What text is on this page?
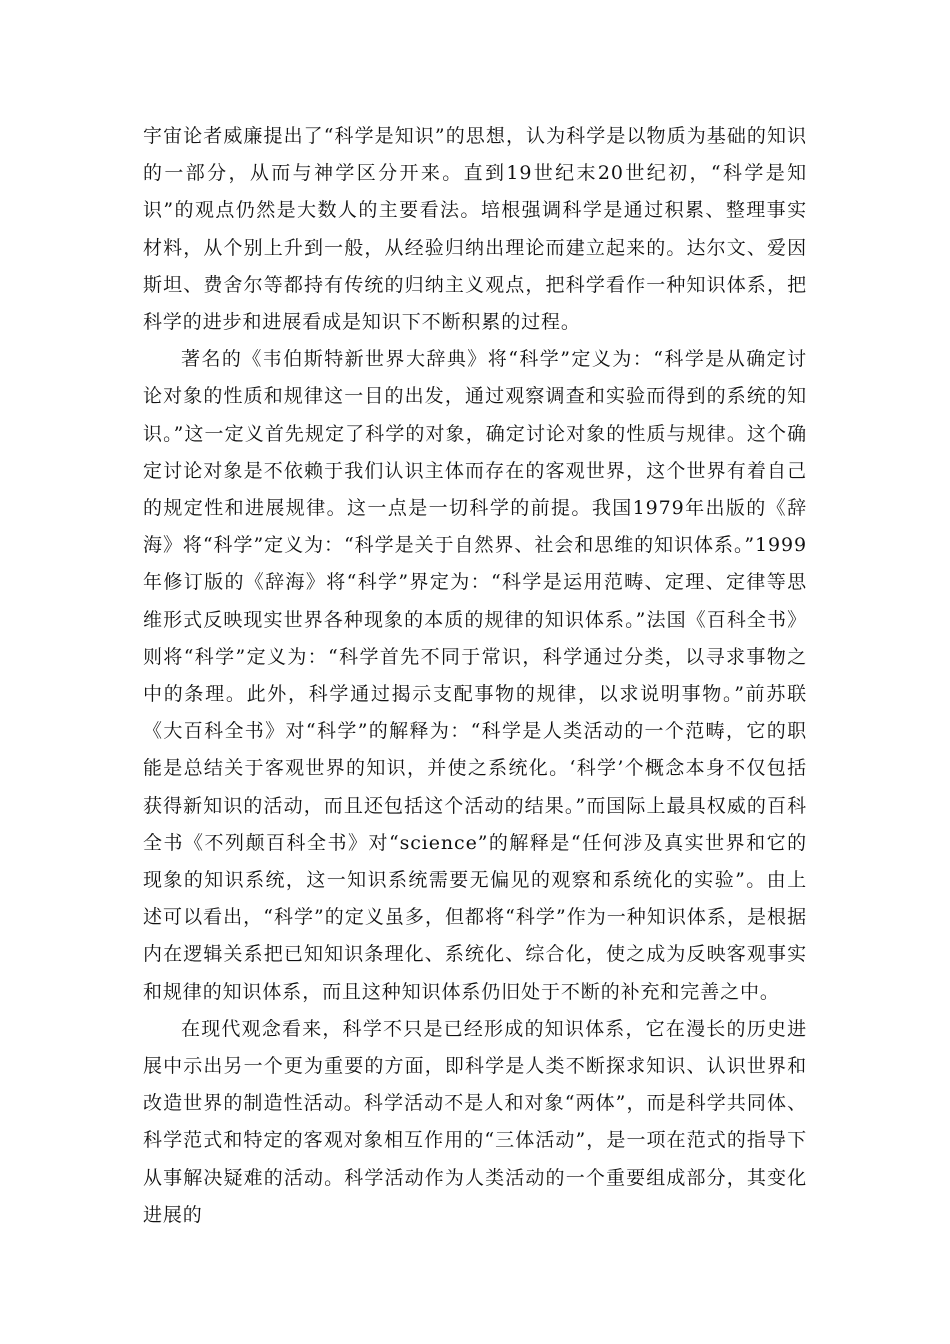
宇宙论者威廉提出了“科学是知识”的思想，认为科学是以物质为基础的知识的一部分，从而与神学区分开来。直到19世纪末20世纪初，“科学是知识”的观点仍然是大数人的主要看法。培根强调科学是通过积累、整理事实材料，从个别上升到一般，从经验归纳出理论而建立起来的。达尔文、爱因斯坦、费舍尔等都持有传统的归纳主义观点，把科学看作一种知识体系，把科学的进步和进展看成是知识下不断积累的过程。

著名的《韦伯斯特新世界大辞典》将“科学”定义为：“科学是从确定讨论对象的性质和规律这一目的出发，通过观察调查和实验而得到的系统的知识。”这一定义首先规定了科学的对象，确定讨论对象的性质与规律。这个确定讨论对象是不依赖于我们认识主体而存在的客观世界，这个世界有着自己的规定性和进展规律。这一点是一切科学的前提。我国1979年出版的《辞海》将“科学”定义为：“科学是关于自然界、社会和思维的知识体系。”1999年修订版的《辞海》将“科学”界定为：“科学是运用范畴、定理、定律等思维形式反映现实世界各种现象的本质的规律的知识体系。”法国《百科全书》则将“科学”定义为：“科学首先不同于常识，科学通过分类，以寻求事物之中的条理。此外，科学通过揭示支配事物的规律，以求说明事物。”前苏联《大百科全书》对“科学”的解释为：“科学是人类活动的一个范畴，它的职能是总结关于客观世界的知识，并使之系统化。‘科学’个概念本身不仅包括获得新知识的活动，而且还包括这个活动的结果。”而国际上最具权威的百科全书《不列颠百科全书》对“science”的解释是“任何涉及真实世界和它的现象的知识系统，这一知识系统需要无偏见的观察和系统化的实验”。由上述可以看出，“科学”的定义虽多，但都将“科学”作为一种知识体系，是根据内在逻辑关系把已知知识条理化、系统化、综合化，使之成为反映客观事实和规律的知识体系，而且这种知识体系仍旧处于不断的补充和完善之中。

在现代观念看来，科学不只是已经形成的知识体系，它在漫长的历史进展中示出另一个更为重要的方面，即科学是人类不断探求知识、认识世界和改造世界的制造性活动。科学活动不是人和对象“两体”，而是科学共同体、科学范式和特定的客观对象相互作用的“三体活动”，是一项在范式的指导下从事解决疑难的活动。科学活动作为人类活动的一个重要组成部分，其变化进展的
